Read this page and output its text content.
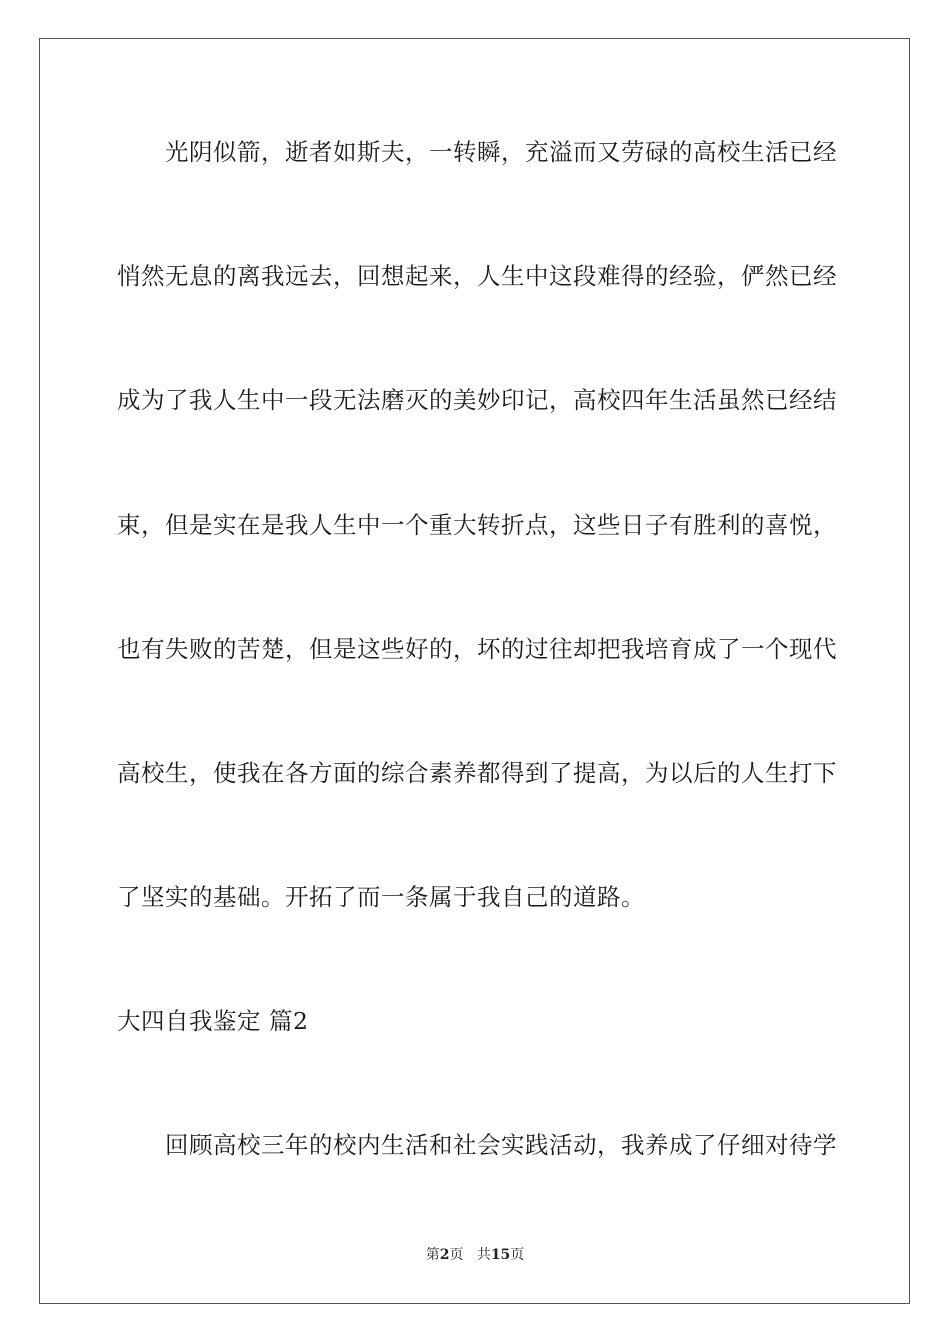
光阴似箭，逝者如斯夫，一转瞬，充溢而又劳碌的高校生活已经
悄然无息的离我远去，回想起来，人生中这段难得的经验，俨然已经
成为了我人生中一段无法磨灭的美妙印记，高校四年生活虽然已经结
束，但是实在是我人生中一个重大转折点，这些日子有胜利的喜悦，
也有失败的苦楚，但是这些好的，坏的过往却把我培育成了一个现代
高校生，使我在各方面的综合素养都得到了提高，为以后的人生打下
了坚实的基础。开拓了而一条属于我自己的道路。
大四自我鉴定 篇2
回顾高校三年的校内生活和社会实践活动，我养成了仔细对待学
第2页 共15页
